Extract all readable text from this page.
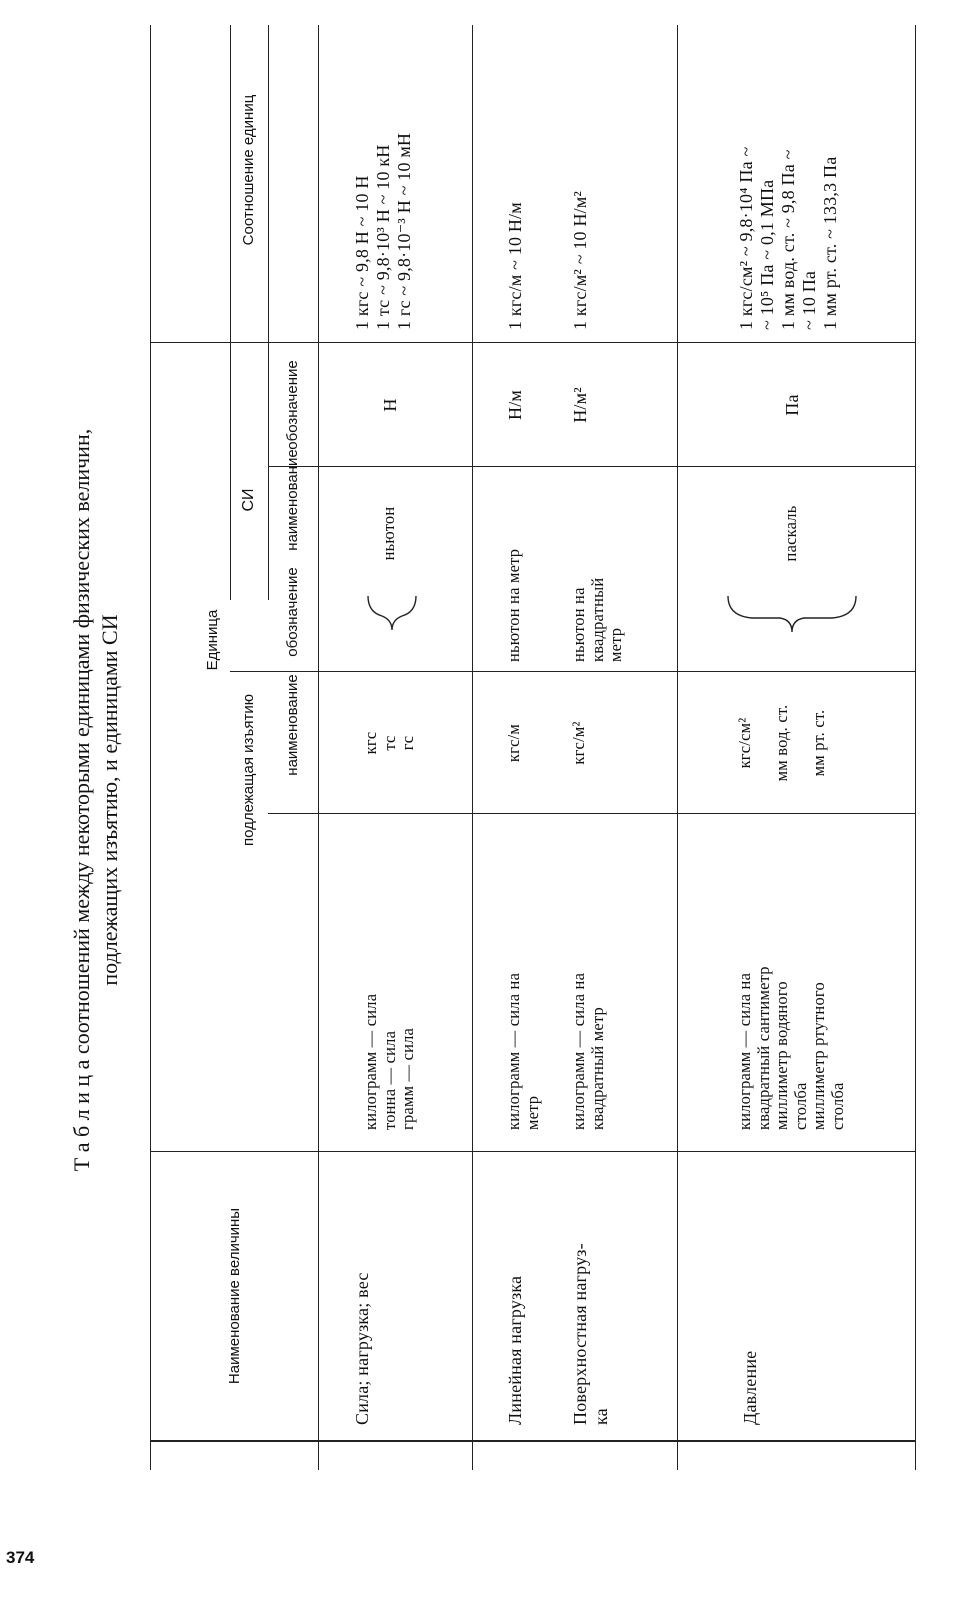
374
Т а б л и ц а соотношений между некоторыми единицами физических величин, подлежащих изъятию, и единицами СИ
Наименование величины
Единица
подлежащая изъятию
СИ
наименование
обозначение
наименование
обозначение
Соотношение единиц
Сила; нагрузка; вес
килограмм — сила тонна — сила грамм — сила
кгс тс гс
ньютон
Н
1 кгс ~ 9,8 Н ~ 10 Н 1 тс ~ 9,8·10³ Н ~ 10 кН 1 гс ~ 9,8·10⁻³ Н ~ 10 мН
Линейная нагрузка
килограмм — сила на метр
кгс/м
ньютон на метр
Н/м
1 кгс/м ~ 10 Н/м
Поверхностная нагруз- ка
килограмм — сила на квадратный метр
кгс/м²
ньютон на квадратный метр
Н/м²
1 кгс/м² ~ 10 Н/м²
Давление
килограмм — сила на квадратный сантиметр миллиметр водяного столба миллиметр ртутного столба
кгс/см²	мм вод. ст.	мм рт. ст.
паскаль
Па
1 кгс/см² ~ 9,8·10⁴ Па ~ ~ 10⁵ Па ~ 0,1 МПа 1 мм вод. ст. ~ 9,8 Па ~ ~ 10 Па 1 мм рт. ст. ~ 133,3 Па
